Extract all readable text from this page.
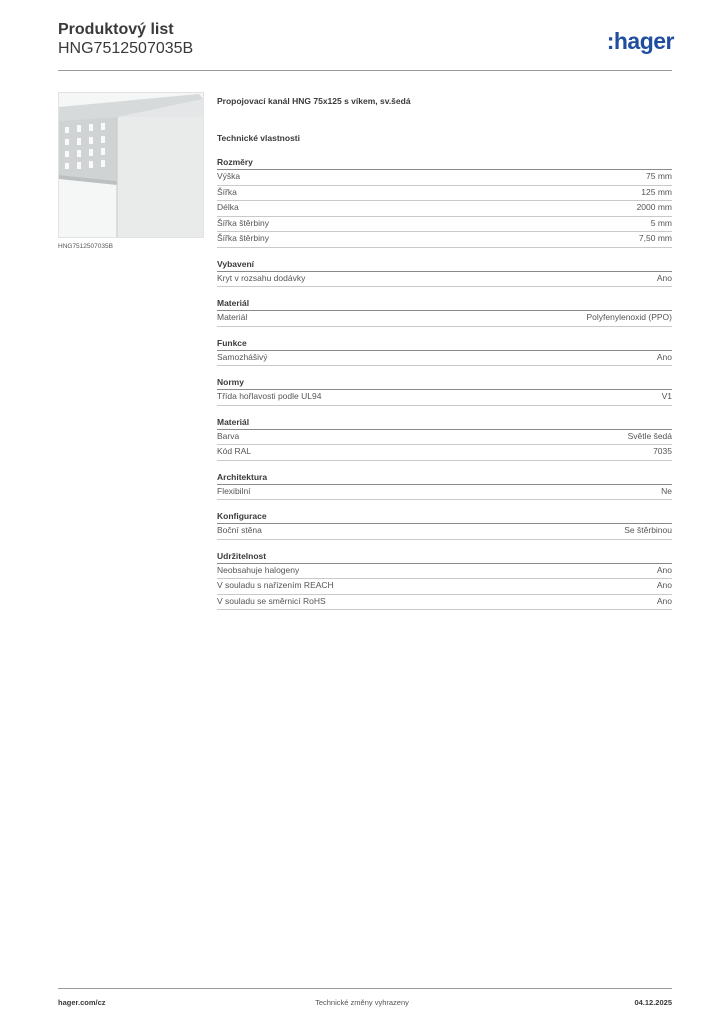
Produktový list
HNG7512507035B	:hager
HNG7512507035B
Propojovací kanál HNG 75x125 s víkem, sv.šedá
Technické vlastnosti
Rozměry
Výška	75 mm
Šířka	125 mm
Délka	2000 mm
Šířka štěrbiny	5 mm
Šířka štěrbiny	7,50 mm
Vybavení
Kryt v rozsahu dodávky	Ano
Materiál
Materiál	Polyfenylenoxid (PPO)
Funkce
Samozhášivý	Ano
Normy
Třída hořlavosti podle UL94	V1
Materiál
Barva	Světle šedá
Kód RAL	7035
Architektura
Flexibilní	Ne
Konfigurace
Boční stěna	Se štěrbinou
Udržitelnost
Neobsahuje halogeny	Ano
V souladu s nařízením REACH	Ano
V souladu se směrnicí RoHS	Ano
hager.com/cz	Technické změny vyhrazeny	04.12.2025
